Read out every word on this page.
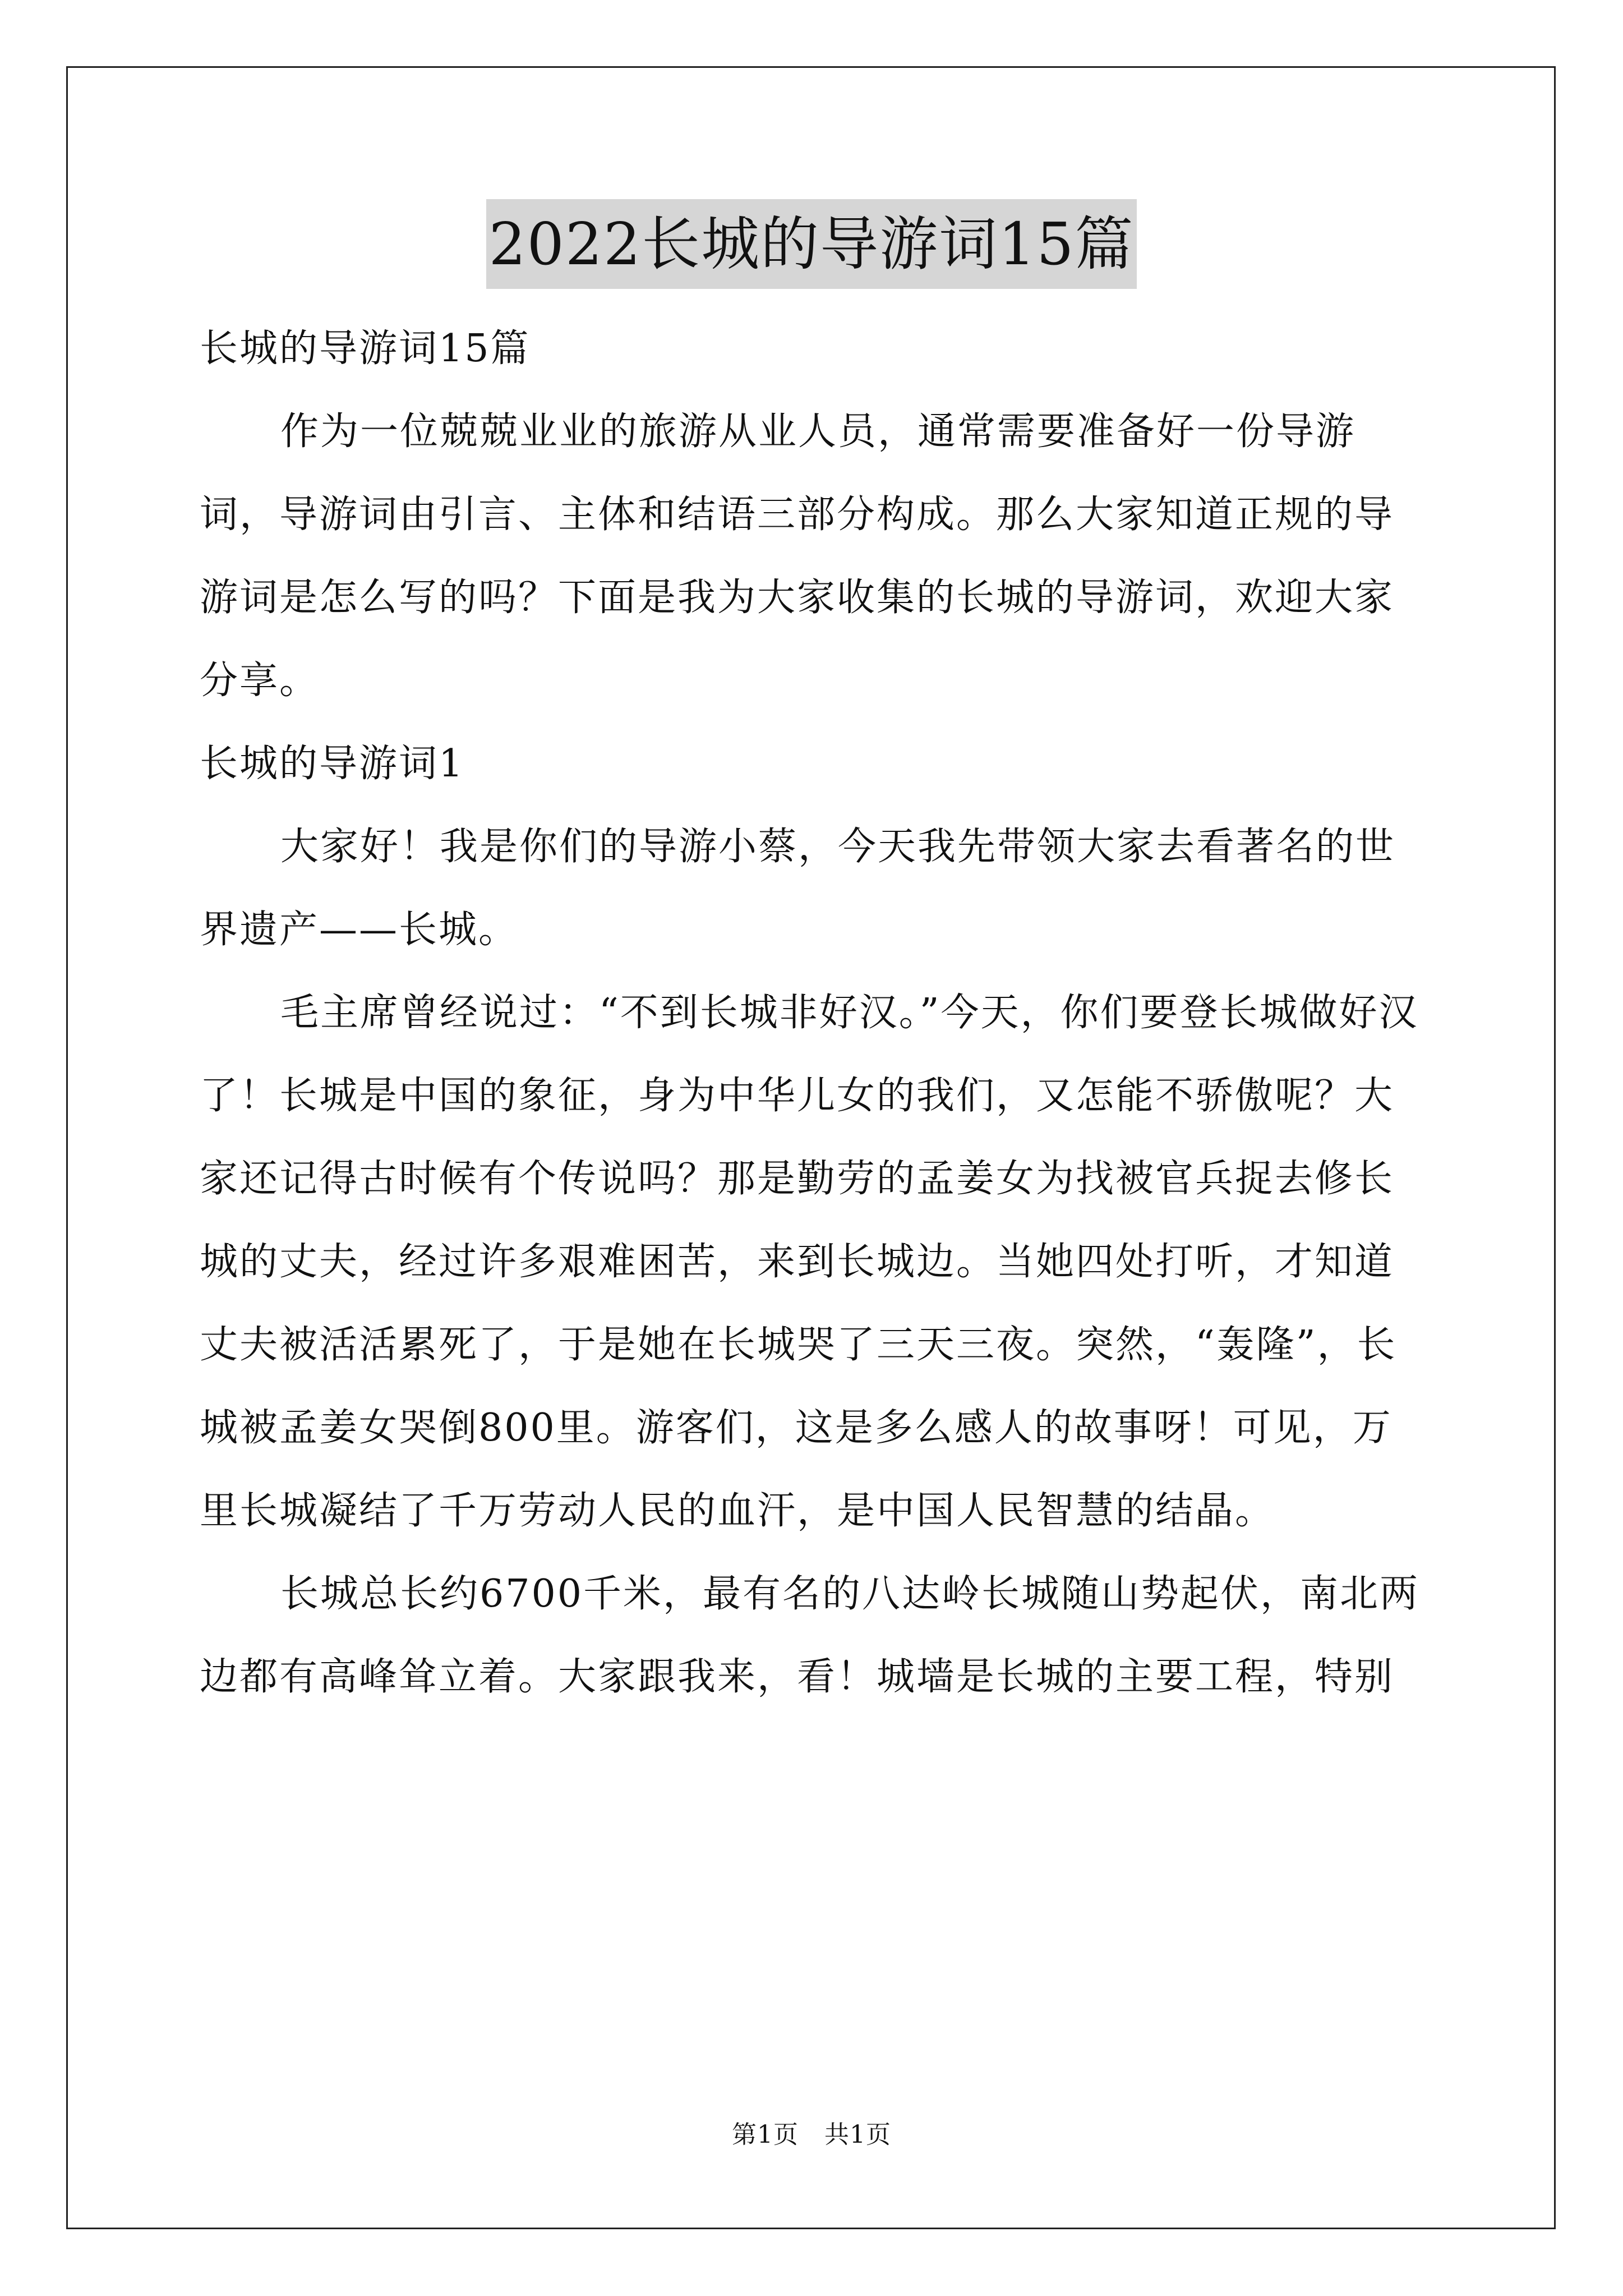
2022长城的导游词15篇

长城的导游词15篇

作为一位兢兢业业的旅游从业人员，通常需要准备好一份导游词，导游词由引言、主体和结语三部分构成。那么大家知道正规的导游词是怎么写的吗？下面是我为大家收集的长城的导游词，欢迎大家分享。

长城的导游词1

大家好！我是你们的导游小蔡，今天我先带领大家去看著名的世界遗产——长城。

毛主席曾经说过：“不到长城非好汉。”今天，你们要登长城做好汉了！长城是中国的象征，身为中华儿女的我们，又怎能不骄傲呢？大家还记得古时候有个传说吗？那是勤劳的孟姜女为找被官兵捉去修长城的丈夫，经过许多艰难困苦，来到长城边。当她四处打听，才知道丈夫被活活累死了，于是她在长城哭了三天三夜。突然，“轰隆”，长城被孟姜女哭倒800里。游客们，这是多么感人的故事呀！可见，万里长城凝结了千万劳动人民的血汗，是中国人民智慧的结晶。

长城总长约6700千米，最有名的八达岭长城随山势起伏，南北两边都有高峰耸立着。大家跟我来，看！城墙是长城的主要工程，特别

第1页 共1页
